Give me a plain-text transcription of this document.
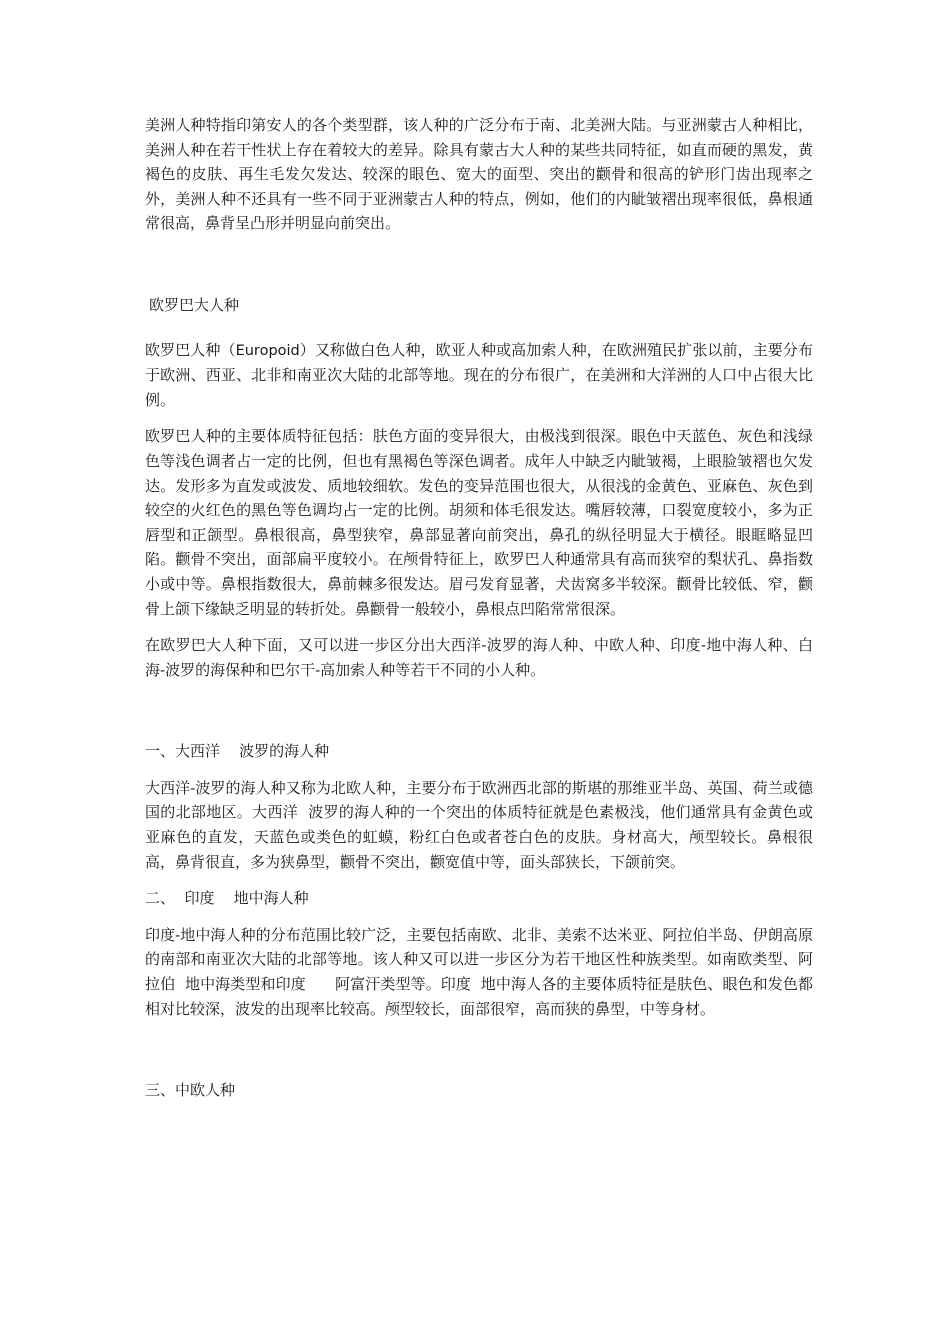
美洲人种特指印第安人的各个类型群，该人种的广泛分布于南、北美洲大陆。与亚洲蒙古人种相比，美洲人种在若干性状上存在着较大的差异。除具有蒙古大人种的某些共同特征，如直而硬的黑发，黄褐色的皮肤、再生毛发欠发达、较深的眼色、宽大的面型、突出的颧骨和很高的铲形门齿出现率之外，美洲人种不还具有一些不同于亚洲蒙古人种的特点，例如，他们的内眦皱褶出现率很低，鼻根通常很高，鼻背呈凸形并明显向前突出。

欧罗巴大人种

欧罗巴人种（Europoid）又称做白色人种，欧亚人种或高加索人种，在欧洲殖民扩张以前，主要分布于欧洲、西亚、北非和南亚次大陆的北部等地。现在的分布很广，在美洲和大洋洲的人口中占很大比例。

欧罗巴人种的主要体质特征包括：肤色方面的变异很大，由极浅到很深。眼色中天蓝色、灰色和浅绿色等浅色调者占一定的比例，但也有黑褐色等深色调者。成年人中缺乏内眦皱褐，上眼脸皱褶也欠发达。发形多为直发或波发、质地较细软。发色的变异范围也很大，从很浅的金黄色、亚麻色、灰色到较空的火红色的黑色等色调均占一定的比例。胡须和体毛很发达。嘴唇较薄，口裂宽度较小，多为正唇型和正颌型。鼻根很高，鼻型狭窄，鼻部显著向前突出，鼻孔的纵径明显大于横径。眼眶略显凹陷。颧骨不突出，面部扁平度较小。在颅骨特征上，欧罗巴人种通常具有高而狭窄的梨状孔、鼻指数小或中等。鼻根指数很大，鼻前棘多很发达。眉弓发育显著，犬齿窝多半较深。颧骨比较低、窄，颧骨上颌下缘缺乏明显的转折处。鼻颧骨一般较小，鼻根点凹陷常常很深。

在欧罗巴大人种下面，又可以进一步区分出大西洋-波罗的海人种、中欧人种、印度-地中海人种、白海-波罗的海保种和巴尔干-高加索人种等若干不同的小人种。

一、大西洋    波罗的海人种

大西洋-波罗的海人种又称为北欧人种，主要分布于欧洲西北部的斯堪的那维亚半岛、英国、荷兰或德国的北部地区。大西洋  波罗的海人种的一个突出的体质特征就是色素极浅，他们通常具有金黄色或亚麻色的直发，天蓝色或类色的虹蟆，粉红白色或者苍白色的皮肤。身材高大，颅型较长。鼻根很高，鼻背很直，多为狭鼻型，颧骨不突出，颧宽值中等，面头部狭长，下颌前突。

二、  印度    地中海人种

印度-地中海人种的分布范围比较广泛，主要包括南欧、北非、美索不达米亚、阿拉伯半岛、伊朗高原的南部和南亚次大陆的北部等地。该人种又可以进一步区分为若干地区性种族类型。如南欧类型、阿拉伯  地中海类型和印度      阿富汗类型等。印度  地中海人各的主要体质特征是肤色、眼色和发色都相对比较深，波发的出现率比较高。颅型较长，面部很窄，高而狭的鼻型，中等身材。

三、中欧人种
